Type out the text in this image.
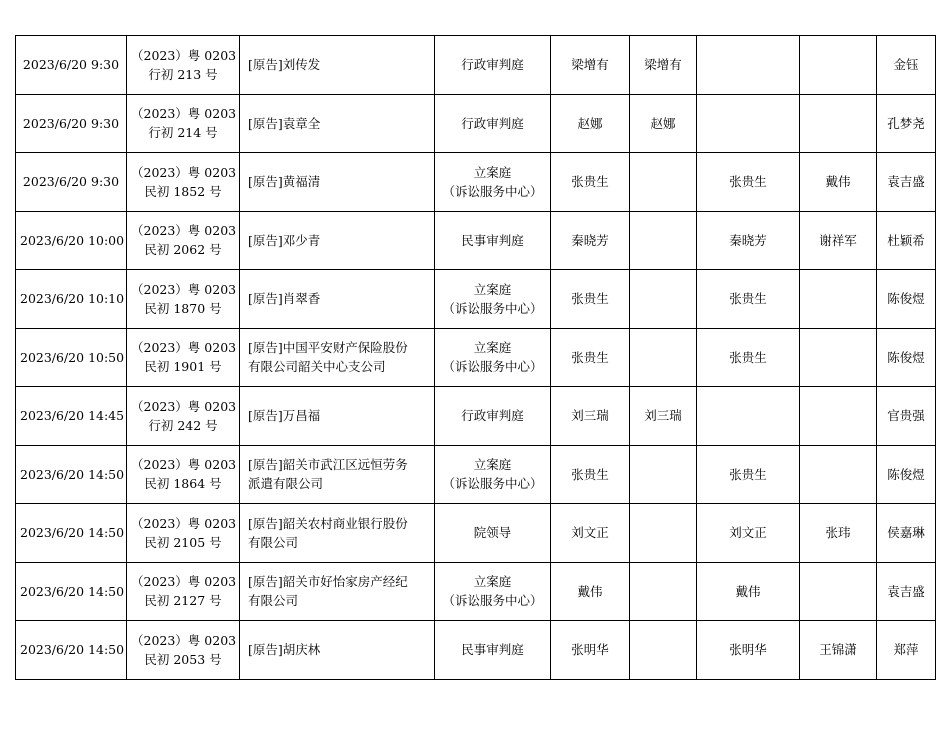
2023/6/20 9:30	（2023）粤 0203
行初 213 号	[原告]刘传发	行政审判庭	梁增有	梁增有			金钰

2023/6/20 9:30	（2023）粤 0203
行初 214 号	[原告]袁章全	行政审判庭	赵娜	赵娜			孔梦尧

2023/6/20 9:30	（2023）粤 0203
民初 1852 号	[原告]黄福清	立案庭
（诉讼服务中心）	张贵生		张贵生	戴伟	袁吉盛

2023/6/20 10:00	（2023）粤 0203
民初 2062 号	[原告]邓少青	民事审判庭	秦晓芳		秦晓芳	谢祥军	杜颖希

2023/6/20 10:10	（2023）粤 0203
民初 1870 号	[原告]肖翠香	立案庭
（诉讼服务中心）	张贵生		张贵生		陈俊煜

2023/6/20 10:50	（2023）粤 0203
民初 1901 号	[原告]中国平安财产保险股份
有限公司韶关中心支公司	立案庭
（诉讼服务中心）	张贵生		张贵生		陈俊煜

2023/6/20 14:45	（2023）粤 0203
行初 242 号	[原告]万昌福	行政审判庭	刘三瑞	刘三瑞			官贵强

2023/6/20 14:50	（2023）粤 0203
民初 1864 号	[原告]韶关市武江区远恒劳务
派遣有限公司	立案庭
（诉讼服务中心）	张贵生		张贵生		陈俊煜

2023/6/20 14:50	（2023）粤 0203
民初 2105 号	[原告]韶关农村商业银行股份
有限公司	院领导	刘文正		刘文正	张玮	侯嘉琳

2023/6/20 14:50	（2023）粤 0203
民初 2127 号	[原告]韶关市好怡家房产经纪
有限公司	立案庭
（诉讼服务中心）	戴伟		戴伟		袁吉盛

2023/6/20 14:50	（2023）粤 0203
民初 2053 号	[原告]胡庆林	民事审判庭	张明华		张明华	王锦潇	郑萍
